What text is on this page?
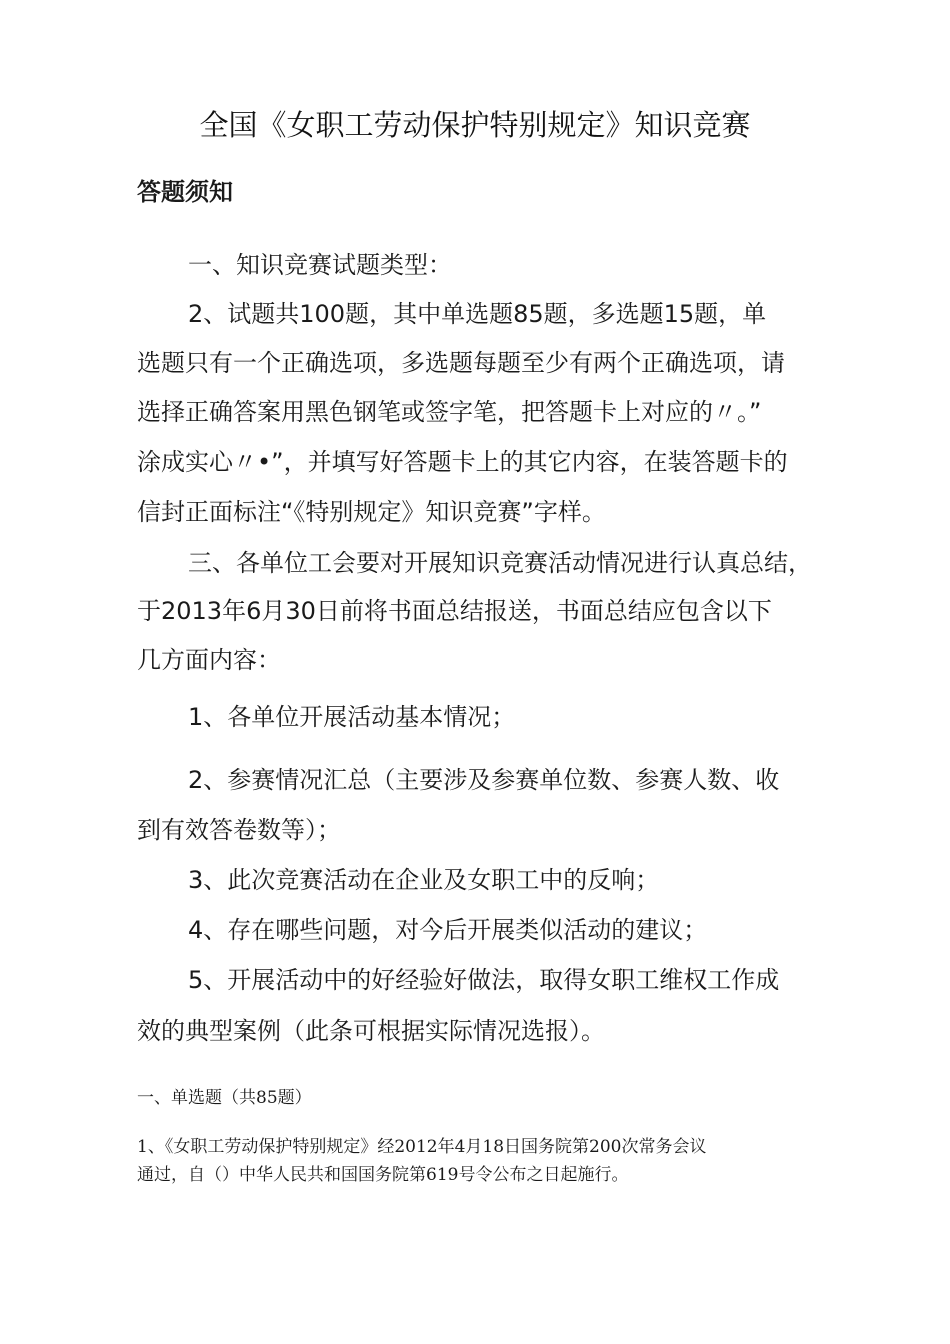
全国《女职工劳动保护特别规定》知识竞赛
答题须知
一、知识竞赛试题类型：
2、试题共100题，其中单选题85题，多选题15题，单
选题只有一个正确选项，多选题每题至少有两个正确选项，请
选择正确答案用黑色钢笔或签字笔，把答题卡上对应的〃。”
涂成实心〃•”，并填写好答题卡上的其它内容，在装答题卡的
信封正面标注“《特别规定》知识竞赛”字样。
三、各单位工会要对开展知识竞赛活动情况进行认真总结，
于2013年6月30日前将书面总结报送，书面总结应包含以下
几方面内容：
1、各单位开展活动基本情况；
2、参赛情况汇总（主要涉及参赛单位数、参赛人数、收
到有效答卷数等）；
3、此次竞赛活动在企业及女职工中的反响；
4、存在哪些问题，对今后开展类似活动的建议；
5、开展活动中的好经验好做法，取得女职工维权工作成
效的典型案例（此条可根据实际情况选报）。
一、单选题（共85题）
1、《女职工劳动保护特别规定》经2012年4月18日国务院第200次常务会议
通过，自（）中华人民共和国国务院第619号令公布之日起施行。
